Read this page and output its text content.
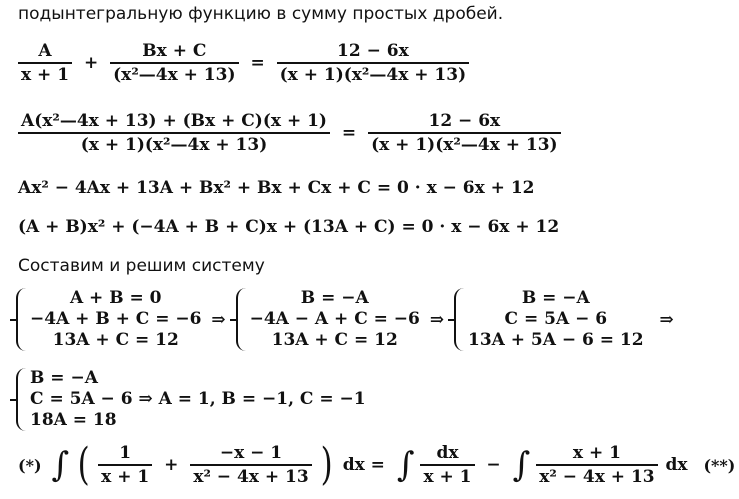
подынтегральную функцию в сумму простых дробей.
$\frac{A}{x + 1} + \frac{Bx + C}{\text{(x²—4x + 13)}} = \frac{12 - 6x}{\text{(x + 1)(x²—4x + 13)}}$
$\frac{\text{A(x²—4x + 13) + (Bx + C)(x + 1)}}{\text{(x + 1)(x²—4x + 13)}} = \frac{12 - 6x}{\text{(x + 1)(x²—4x + 13)}}$
Ax² − 4Ax + 13A + Bx² + Bx + Cx + C = 0 · x − 6x + 12
(A + B)x² + (−4A + B + C)x + (13A + C) = 0 · x − 6x + 12
Составим и решим систему
A + B = 0
−4A + B + C = −6
13A + C = 12
⇒
B = −A
−4A − A + C = −6
13A + C = 12
⇒
B = −A
C = 5A − 6
13A + 5A − 6 = 12
⇒
B = −A
C = 5A − 6 ⇒ A = 1, B = −1, C = −1
18A = 18
(*) ∫ ( $\frac{1}{x + 1} + \frac{-x - 1}{\text{x² − 4x + 13}}$ ) dx = ∫ $\frac{dx}{x + 1}$ − ∫ $\frac{x + 1}{\text{x² − 4x + 13}}$ dx (**)
